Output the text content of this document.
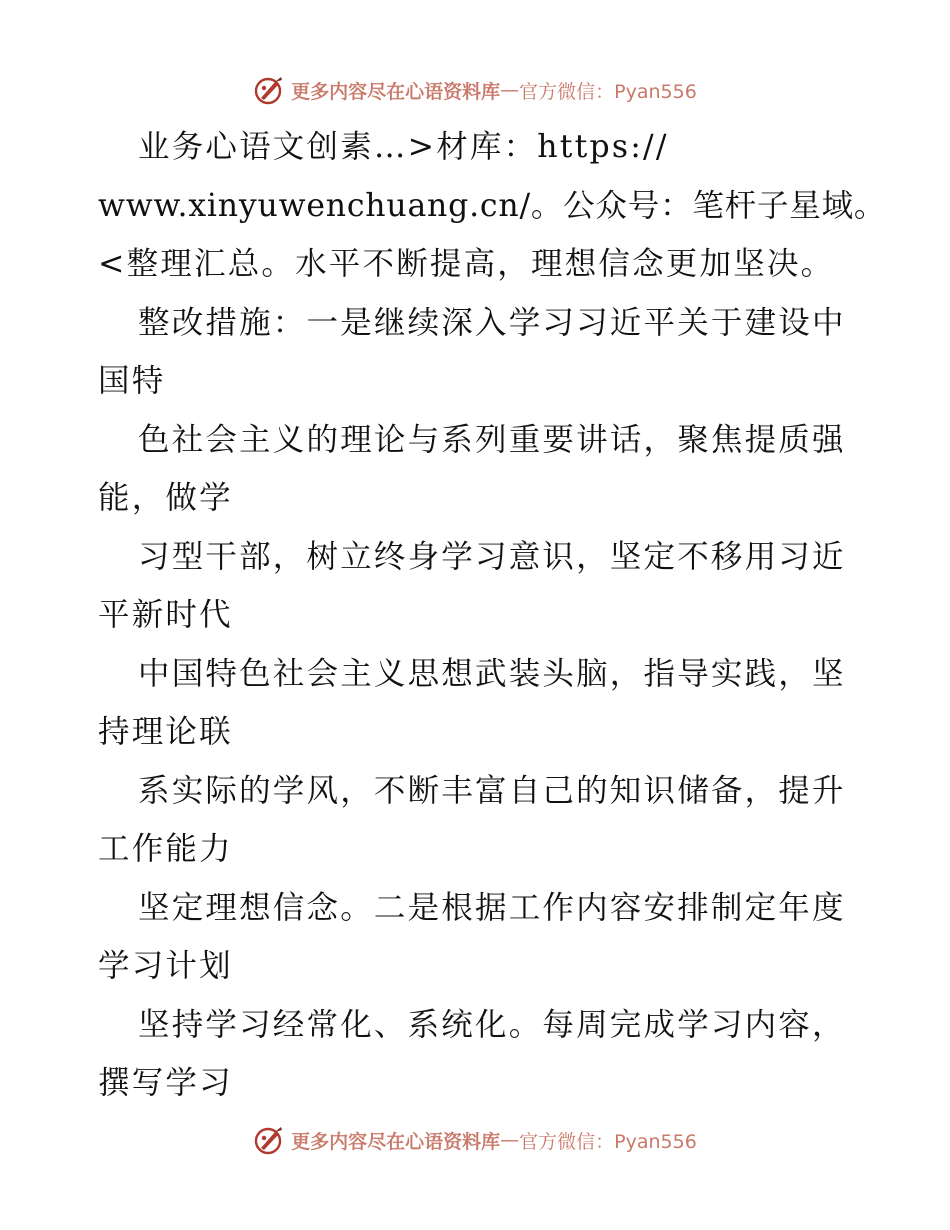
更多内容尽在心语资料库 — 官方微信：Pyan556
业务心语文创素…>材库：https://
www.xinyuwenchuang.cn/。公众号：笔杆子星域。
<整理汇总。水平不断提高，理想信念更加坚决。
整改措施：一是继续深入学习习近平关于建设中
国特
色社会主义的理论与系列重要讲话，聚焦提质强
能，做学
习型干部，树立终身学习意识，坚定不移用习近
平新时代
中国特色社会主义思想武装头脑，指导实践，坚
持理论联
系实际的学风，不断丰富自己的知识储备，提升
工作能力
坚定理想信念。二是根据工作内容安排制定年度
学习计划
坚持学习经常化、系统化。每周完成学习内容，
撰写学习
更多内容尽在心语资料库 — 官方微信：Pyan556
